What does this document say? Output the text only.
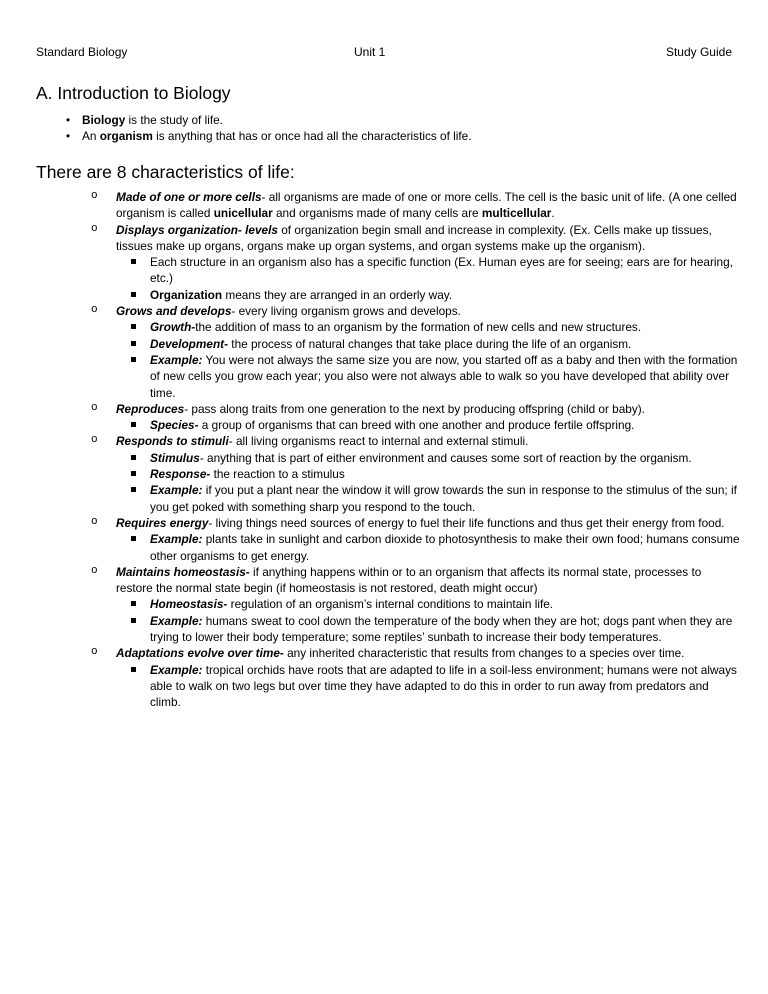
Standard Biology	Unit 1	Study Guide
A. Introduction to Biology
• Biology is the study of life.
• An organism is anything that has or once had all the characteristics of life.
There are 8 characteristics of life:
o Made of one or more cells- all organisms are made of one or more cells. The cell is the basic unit of life. (A one celled organism is called unicellular and organisms made of many cells are multicellular.
o Displays organization- levels of organization begin small and increase in complexity. (Ex. Cells make up tissues, tissues make up organs, organs make up organ systems, and organ systems make up the organism).
Each structure in an organism also has a specific function (Ex. Human eyes are for seeing; ears are for hearing, etc.)
Organization means they are arranged in an orderly way.
o Grows and develops- every living organism grows and develops.
Growth-the addition of mass to an organism by the formation of new cells and new structures.
Development- the process of natural changes that take place during the life of an organism.
Example: You were not always the same size you are now, you started off as a baby and then with the formation of new cells you grow each year; you also were not always able to walk so you have developed that ability over time.
o Reproduces- pass along traits from one generation to the next by producing offspring (child or baby).
Species- a group of organisms that can breed with one another and produce fertile offspring.
o Responds to stimuli- all living organisms react to internal and external stimuli.
Stimulus- anything that is part of either environment and causes some sort of reaction by the organism.
Response- the reaction to a stimulus
Example: if you put a plant near the window it will grow towards the sun in response to the stimulus of the sun; if you get poked with something sharp you respond to the touch.
o Requires energy- living things need sources of energy to fuel their life functions and thus get their energy from food.
Example: plants take in sunlight and carbon dioxide to photosynthesis to make their own food; humans consume other organisms to get energy.
o Maintains homeostasis- if anything happens within or to an organism that affects its normal state, processes to restore the normal state begin (if homeostasis is not restored, death might occur)
Homeostasis- regulation of an organism’s internal conditions to maintain life.
Example: humans sweat to cool down the temperature of the body when they are hot; dogs pant when they are trying to lower their body temperature; some reptiles’ sunbath to increase their body temperatures.
o Adaptations evolve over time- any inherited characteristic that results from changes to a species over time.
Example: tropical orchids have roots that are adapted to life in a soil-less environment; humans were not always able to walk on two legs but over time they have adapted to do this in order to run away from predators and climb.
